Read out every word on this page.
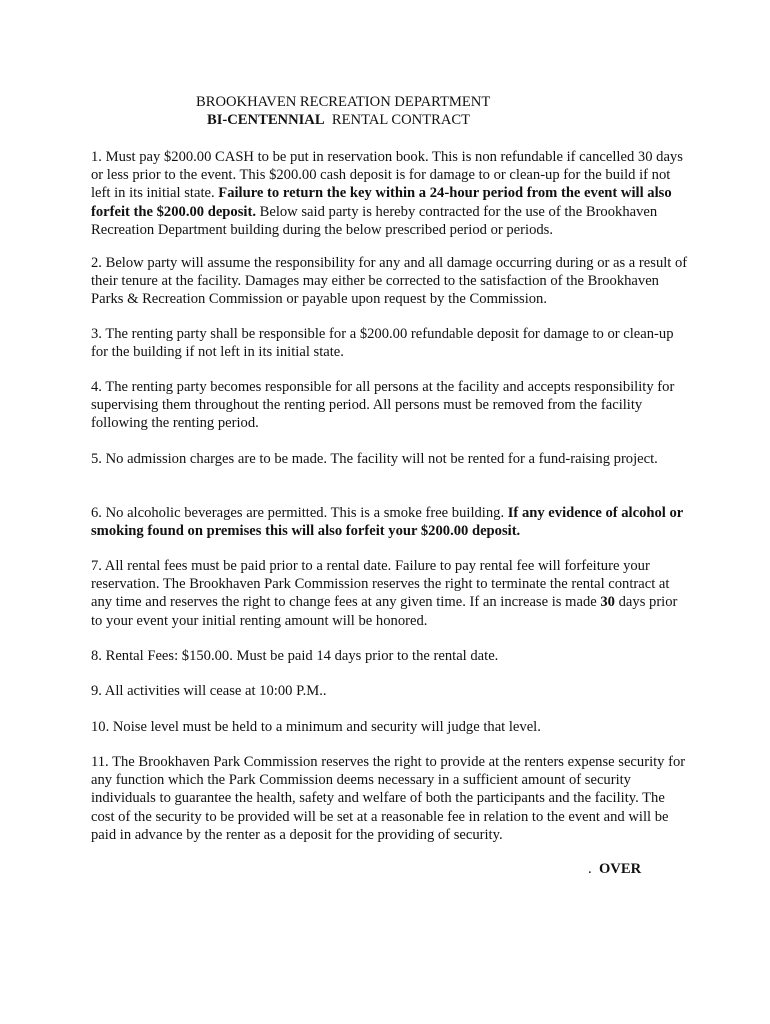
BROOKHAVEN RECREATION DEPARTMENT
BI-CENTENNIAL  RENTAL CONTRACT

1. Must pay $200.00 CASH to be put in reservation book. This is non refundable if cancelled 30 days or less prior to the event. This $200.00 cash deposit is for damage to or clean-up for the build if not left in its initial state. Failure to return the key within a 24-hour period from the event will also forfeit the $200.00 deposit. Below said party is hereby contracted for the use of the Brookhaven Recreation Department building during the below prescribed period or periods.

2. Below party will assume the responsibility for any and all damage occurring during or as a result of their tenure at the facility. Damages may either be corrected to the satisfaction of the Brookhaven Parks & Recreation Commission or payable upon request by the Commission.

3. The renting party shall be responsible for a $200.00 refundable deposit for damage to or clean-up for the building if not left in its initial state.

4. The renting party becomes responsible for all persons at the facility and accepts responsibility for supervising them throughout the renting period. All persons must be removed from the facility following the renting period.

5. No admission charges are to be made. The facility will not be rented for a fund-raising project.

6. No alcoholic beverages are permitted. This is a smoke free building. If any evidence of alcohol or smoking found on premises this will also forfeit your $200.00 deposit.

7. All rental fees must be paid prior to a rental date. Failure to pay rental fee will forfeiture your reservation. The Brookhaven Park Commission reserves the right to terminate the rental contract at any time and reserves the right to change fees at any given time. If an increase is made 30 days prior to your event your initial renting amount will be honored.

8. Rental Fees: $150.00. Must be paid 14 days prior to the rental date.

9. All activities will cease at 10:00 P.M..

10. Noise level must be held to a minimum and security will judge that level.

11. The Brookhaven Park Commission reserves the right to provide at the renters expense security for any function which the Park Commission deems necessary in a sufficient amount of security individuals to guarantee the health, safety and welfare of both the participants and the facility. The cost of the security to be provided will be set at a reasonable fee in relation to the event and will be paid in advance by the renter as a deposit for the providing of security.

.  OVER
